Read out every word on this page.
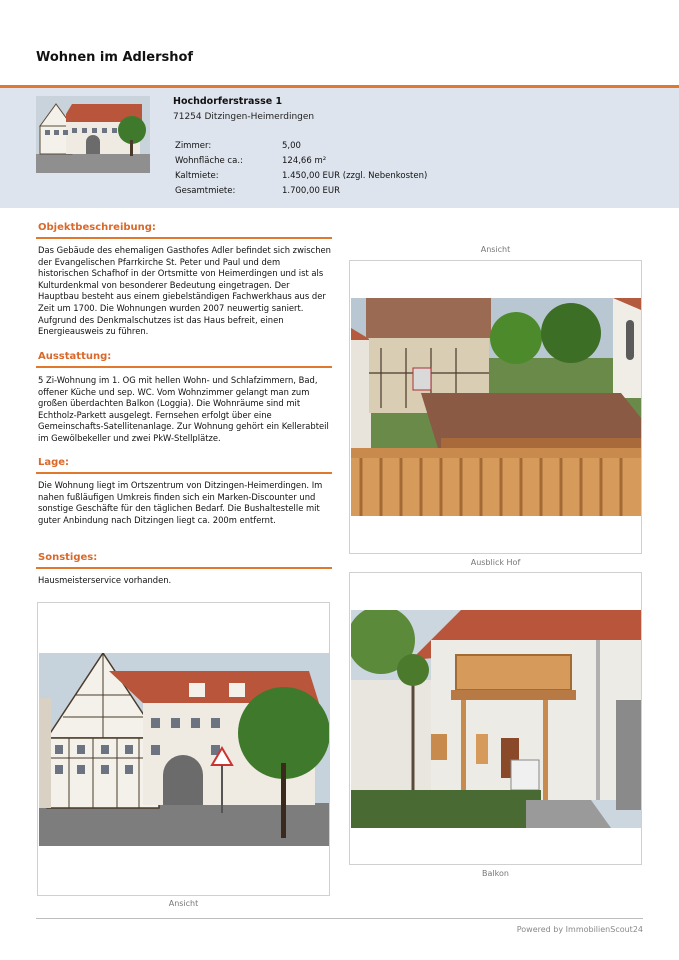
Wohnen im Adlershof
Hochdorferstrasse 1
71254 Ditzingen-Heimerdingen
Zimmer:	5,00
Wohnfläche ca.:	124,66 m²
Kaltmiete:	1.450,00 EUR (zzgl. Nebenkosten)
Gesamtmiete:	1.700,00 EUR
Objektbeschreibung:
Das Gebäude des ehemaligen Gasthofes Adler befindet sich zwischen der Evangelischen Pfarrkirche St. Peter und Paul und dem historischen Schafhof in der Ortsmitte von Heimerdingen und ist als Kulturdenkmal von besonderer Bedeutung eingetragen. Der Hauptbau besteht aus einem giebelständigen Fachwerkhaus aus der Zeit um 1700. Die Wohnungen wurden 2007 neuwertig saniert. Aufgrund des Denkmalschutzes ist das Haus befreit, einen Energieausweis zu führen.
Ausstattung:
5 Zi-Wohnung im 1. OG mit hellen Wohn- und Schlafzimmern, Bad, offener Küche und sep. WC. Vom Wohnzimmer gelangt man zum großen überdachten Balkon (Loggia). Die Wohnräume sind mit Echtholz-Parkett ausgelegt. Fernsehen erfolgt über eine Gemeinschafts-Satellitenanlage. Zur Wohnung gehört ein Kellerabteil im Gewölbekeller und zwei PkW-Stellplätze.
Lage:
Die Wohnung liegt im Ortszentrum von Ditzingen-Heimerdingen. Im nahen fußläufigen Umkreis finden sich ein Marken-Discounter und sonstige Geschäfte für den täglichen Bedarf. Die Bushaltestelle mit guter Anbindung nach Ditzingen liegt ca. 200m entfernt.
Sonstiges:
Hausmeisterservice vorhanden.
Ansicht
Ausblick Hof
Balkon
Ansicht
Powered by ImmobilienScout24
